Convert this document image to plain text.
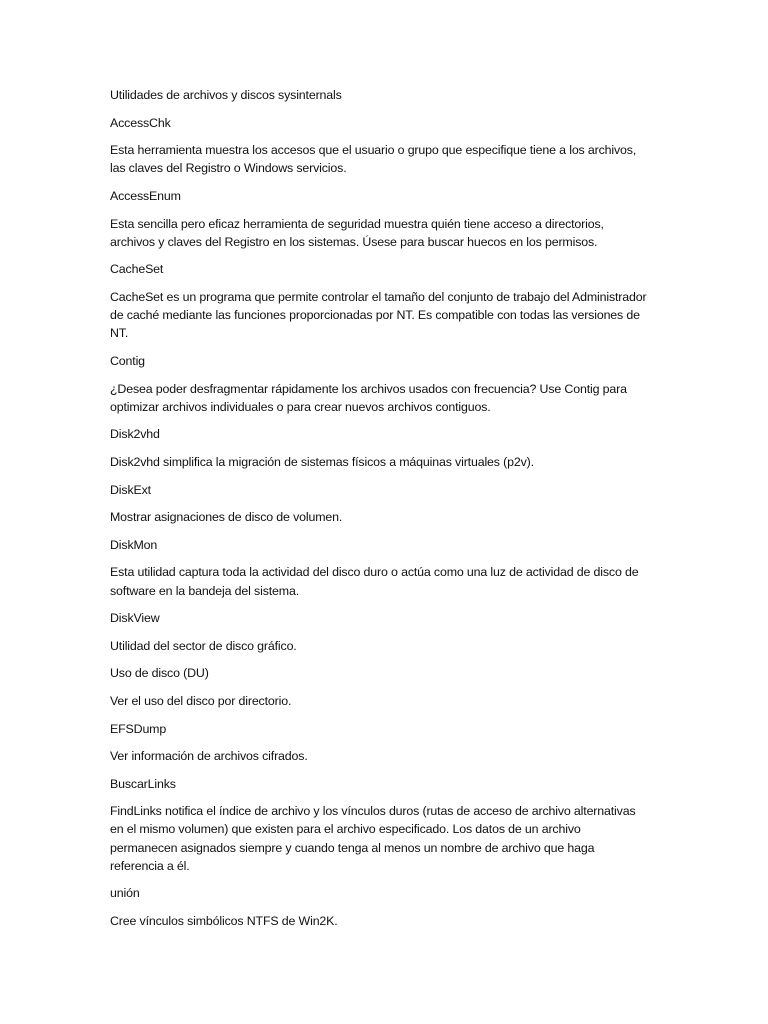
Utilidades de archivos y discos sysinternals

AccessChk

Esta herramienta muestra los accesos que el usuario o grupo que especifique tiene a los archivos, las claves del Registro o Windows servicios.

AccessEnum

Esta sencilla pero eficaz herramienta de seguridad muestra quién tiene acceso a directorios, archivos y claves del Registro en los sistemas. Úsese para buscar huecos en los permisos.

CacheSet

CacheSet es un programa que permite controlar el tamaño del conjunto de trabajo del Administrador de caché mediante las funciones proporcionadas por NT. Es compatible con todas las versiones de NT.

Contig

¿Desea poder desfragmentar rápidamente los archivos usados con frecuencia? Use Contig para optimizar archivos individuales o para crear nuevos archivos contiguos.

Disk2vhd

Disk2vhd simplifica la migración de sistemas físicos a máquinas virtuales (p2v).

DiskExt

Mostrar asignaciones de disco de volumen.

DiskMon

Esta utilidad captura toda la actividad del disco duro o actúa como una luz de actividad de disco de software en la bandeja del sistema.

DiskView

Utilidad del sector de disco gráfico.

Uso de disco (DU)

Ver el uso del disco por directorio.

EFSDump

Ver información de archivos cifrados.

BuscarLinks

FindLinks notifica el índice de archivo y los vínculos duros (rutas de acceso de archivo alternativas en el mismo volumen) que existen para el archivo especificado. Los datos de un archivo permanecen asignados siempre y cuando tenga al menos un nombre de archivo que haga referencia a él.

unión

Cree vínculos simbólicos NTFS de Win2K.
